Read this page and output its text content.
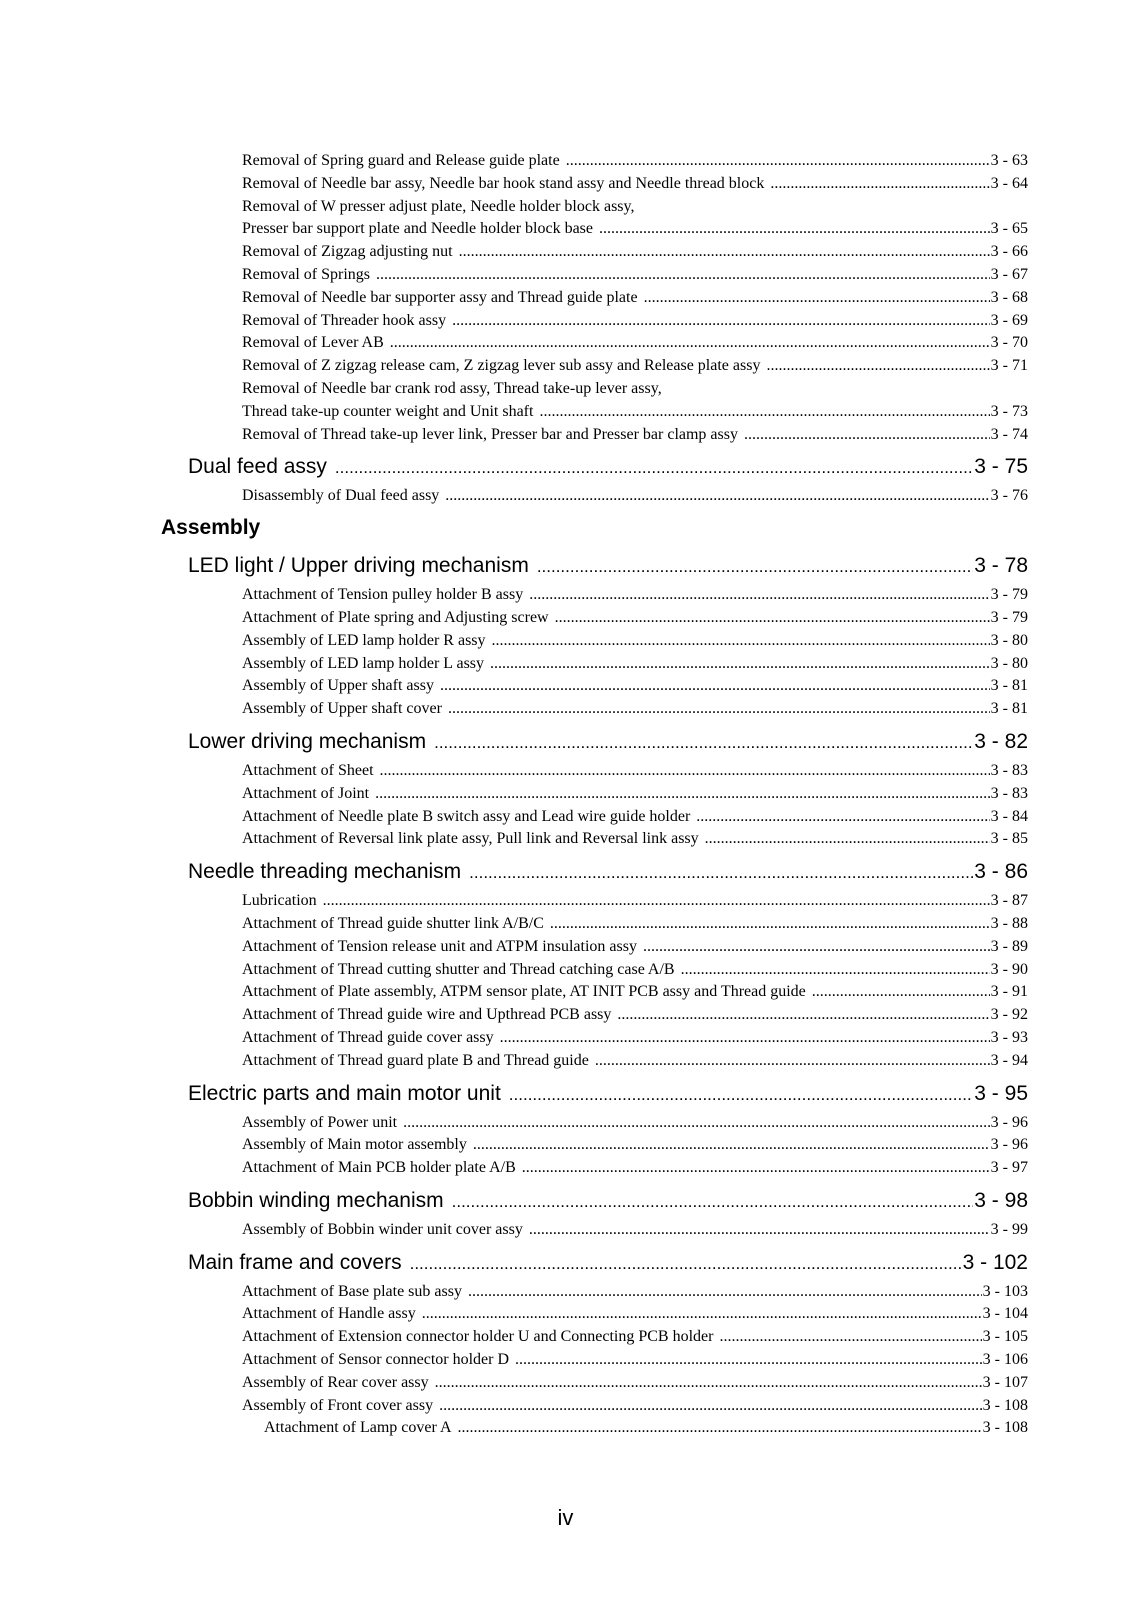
Removal of Spring guard and Release guide plate .....	3 - 63
Removal of Needle bar assy, Needle bar hook stand assy and Needle thread block .....	3 - 64
Removal of W presser adjust plate, Needle holder block assy,
Presser bar support plate and Needle holder block base .....	3 - 65
Removal of Zigzag adjusting nut .....	3 - 66
Removal of Springs .....	3 - 67
Removal of Needle bar supporter assy and Thread guide plate .....	3 - 68
Removal of Threader hook assy .....	3 - 69
Removal of Lever AB .....	3 - 70
Removal of Z zigzag release cam, Z zigzag lever sub assy and Release plate assy .....	3 - 71
Removal of Needle bar crank rod assy, Thread take-up lever assy,
Thread take-up counter weight and Unit shaft .....	3 - 73
Removal of Thread take-up lever link, Presser bar and Presser bar clamp assy .....	3 - 74
Dual feed assy .....	3 - 75
Disassembly of Dual feed assy .....	3 - 76
Assembly
LED light / Upper driving mechanism .....	3 - 78
Attachment of Tension pulley holder B assy .....	3 - 79
Attachment of Plate spring and Adjusting screw .....	3 - 79
Assembly of LED lamp holder R assy .....	3 - 80
Assembly of LED lamp holder L assy .....	3 - 80
Assembly of Upper shaft assy .....	3 - 81
Assembly of Upper shaft cover .....	3 - 81
Lower driving mechanism .....	3 - 82
Attachment of Sheet .....	3 - 83
Attachment of Joint .....	3 - 83
Attachment of Needle plate B switch assy and Lead wire guide holder .....	3 - 84
Attachment of Reversal link plate assy, Pull link and Reversal link assy .....	3 - 85
Needle threading mechanism .....	3 - 86
Lubrication .....	3 - 87
Attachment of Thread guide shutter link A/B/C .....	3 - 88
Attachment of Tension release unit and ATPM insulation assy .....	3 - 89
Attachment of Thread cutting shutter and Thread catching case A/B .....	3 - 90
Attachment of Plate assembly, ATPM sensor plate, AT INIT PCB assy and Thread guide .....	3 - 91
Attachment of Thread guide wire and Upthread PCB assy .....	3 - 92
Attachment of Thread guide cover assy .....	3 - 93
Attachment of Thread guard plate B and Thread guide .....	3 - 94
Electric parts and main motor unit .....	3 - 95
Assembly of Power unit .....	3 - 96
Assembly of Main motor assembly .....	3 - 96
Attachment of Main PCB holder plate A/B .....	3 - 97
Bobbin winding mechanism .....	3 - 98
Assembly of Bobbin winder unit cover assy .....	3 - 99
Main frame and covers .....	3 - 102
Attachment of Base plate sub assy .....	3 - 103
Attachment of Handle assy .....	3 - 104
Attachment of Extension connector holder U and Connecting PCB holder .....	3 - 105
Attachment of Sensor connector holder D .....	3 - 106
Assembly of Rear cover assy .....	3 - 107
Assembly of Front cover assy .....	3 - 108
Attachment of Lamp cover A .....	3 - 108
iv
